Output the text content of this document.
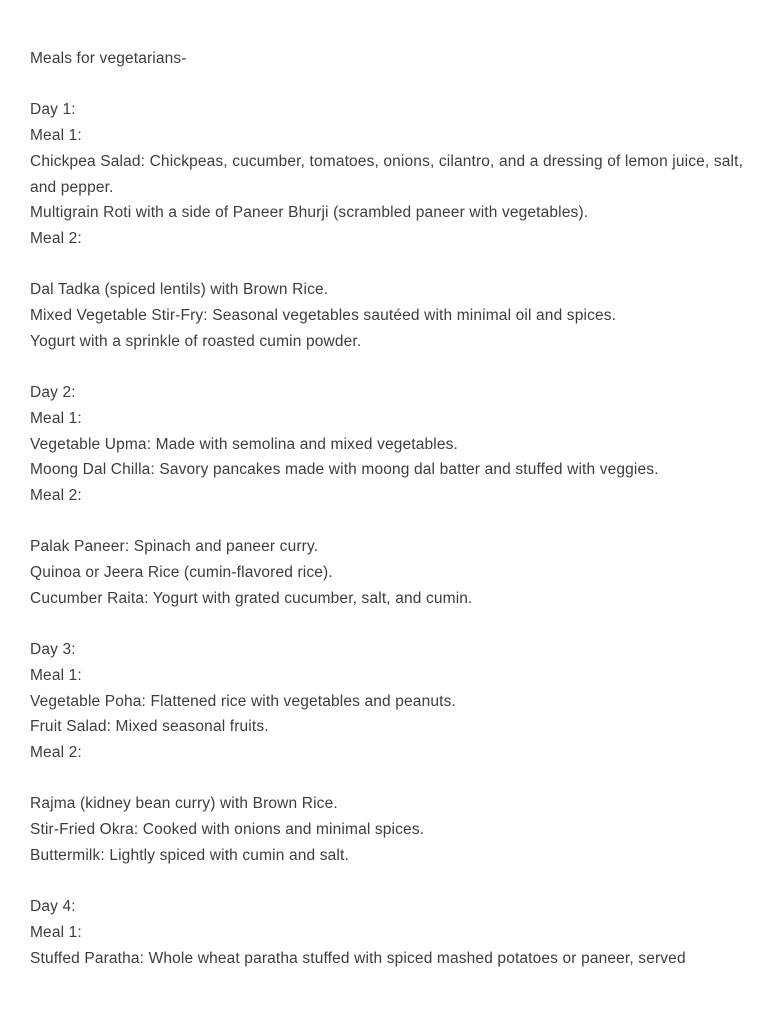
Meals for vegetarians-
Day 1:
Meal 1:
Chickpea Salad: Chickpeas, cucumber, tomatoes, onions, cilantro, and a dressing of lemon juice, salt, and pepper.
Multigrain Roti with a side of Paneer Bhurji (scrambled paneer with vegetables).
Meal 2:
Dal Tadka (spiced lentils) with Brown Rice.
Mixed Vegetable Stir-Fry: Seasonal vegetables sautéed with minimal oil and spices.
Yogurt with a sprinkle of roasted cumin powder.
Day 2:
Meal 1:
Vegetable Upma: Made with semolina and mixed vegetables.
Moong Dal Chilla: Savory pancakes made with moong dal batter and stuffed with veggies.
Meal 2:
Palak Paneer: Spinach and paneer curry.
Quinoa or Jeera Rice (cumin-flavored rice).
Cucumber Raita: Yogurt with grated cucumber, salt, and cumin.
Day 3:
Meal 1:
Vegetable Poha: Flattened rice with vegetables and peanuts.
Fruit Salad: Mixed seasonal fruits.
Meal 2:
Rajma (kidney bean curry) with Brown Rice.
Stir-Fried Okra: Cooked with onions and minimal spices.
Buttermilk: Lightly spiced with cumin and salt.
Day 4:
Meal 1:
Stuffed Paratha: Whole wheat paratha stuffed with spiced mashed potatoes or paneer, served
